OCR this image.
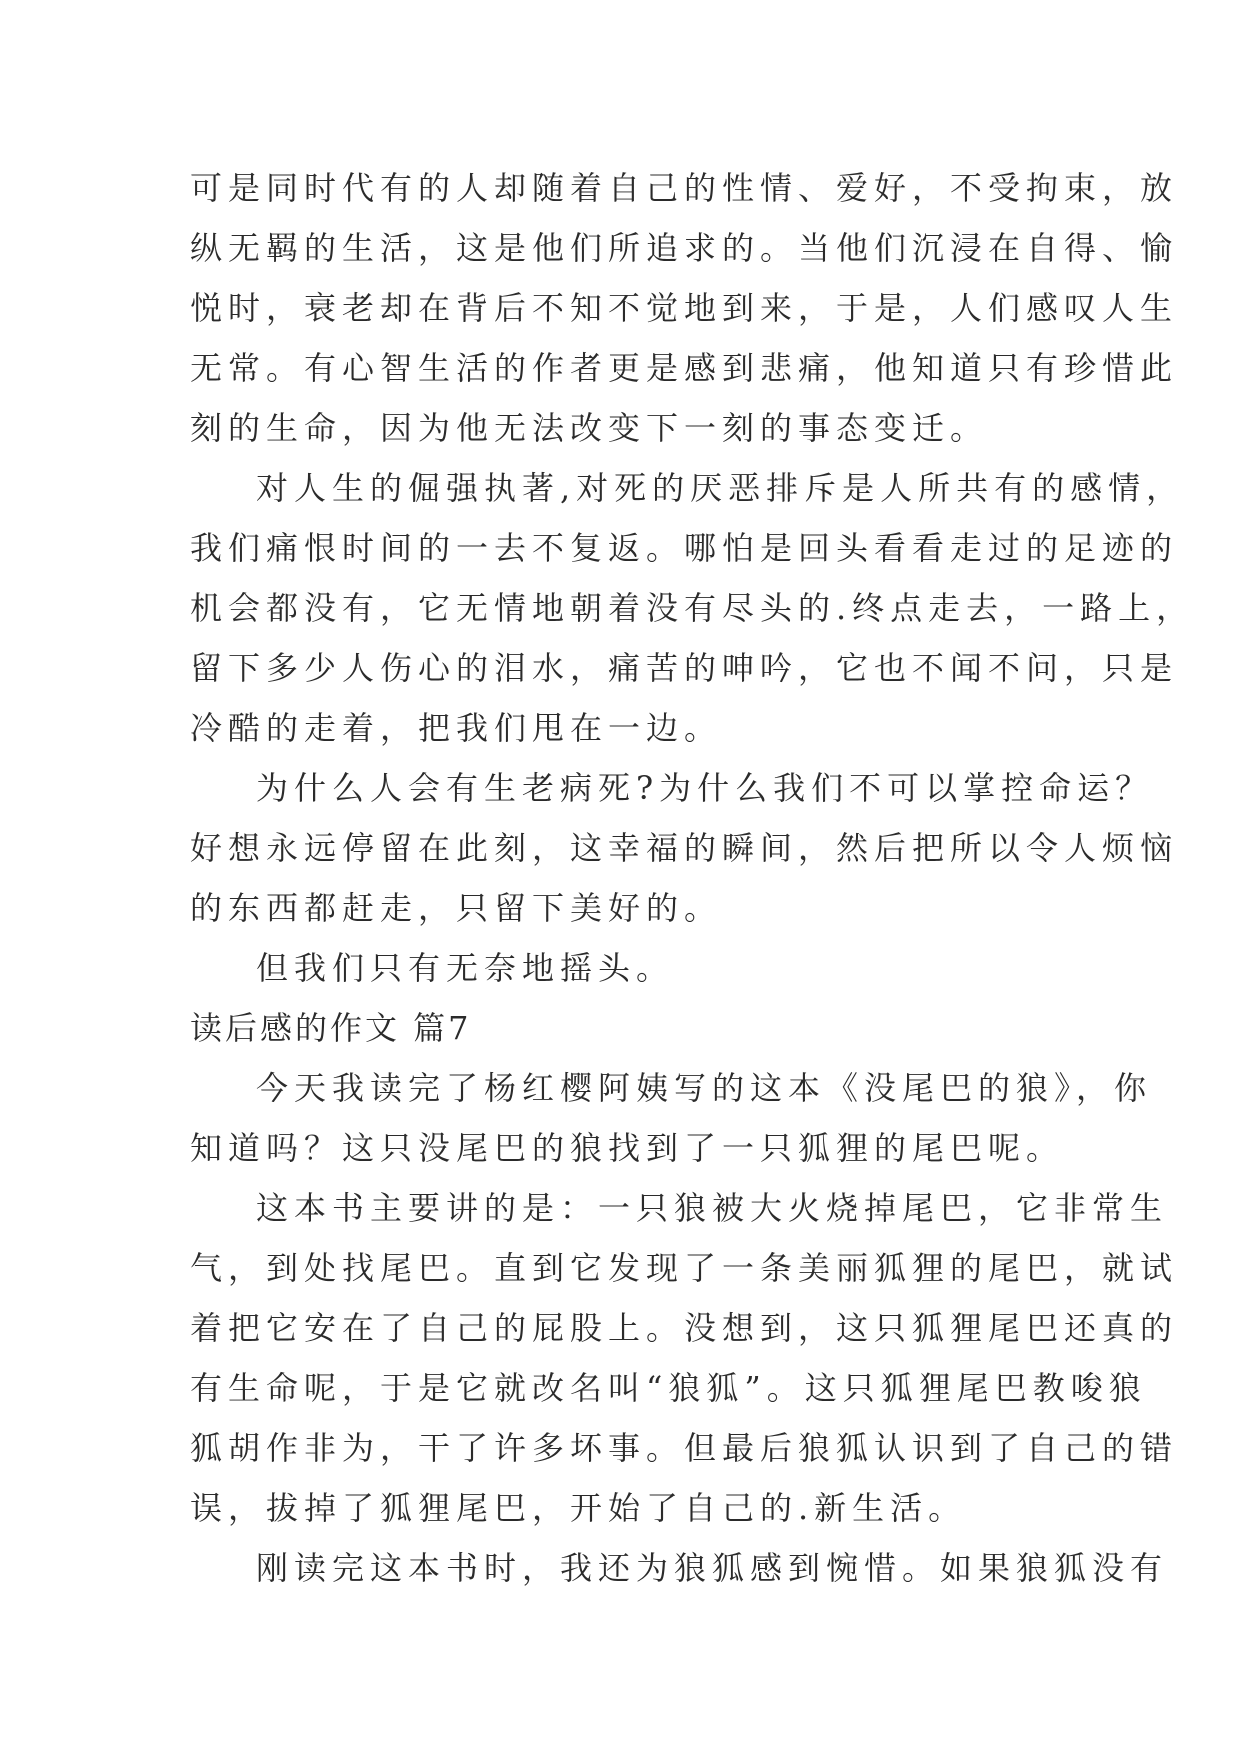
可是同时代有的人却随着自己的性情、爱好，不受拘束，放
纵无羁的生活，这是他们所追求的。当他们沉浸在自得、愉
悦时，衰老却在背后不知不觉地到来，于是，人们感叹人生
无常。有心智生活的作者更是感到悲痛，他知道只有珍惜此
刻的生命，因为他无法改变下一刻的事态变迁。
对人生的倔强执著,对死的厌恶排斥是人所共有的感情，
我们痛恨时间的一去不复返。哪怕是回头看看走过的足迹的
机会都没有，它无情地朝着没有尽头的.终点走去，一路上，
留下多少人伤心的泪水，痛苦的呻吟，它也不闻不问，只是
冷酷的走着，把我们甩在一边。
为什么人会有生老病死?为什么我们不可以掌控命运？
好想永远停留在此刻，这幸福的瞬间，然后把所以令人烦恼
的东西都赶走，只留下美好的。
但我们只有无奈地摇头。
读后感的作文 篇7
今天我读完了杨红樱阿姨写的这本《没尾巴的狼》，你
知道吗？这只没尾巴的狼找到了一只狐狸的尾巴呢。
这本书主要讲的是：一只狼被大火烧掉尾巴，它非常生
气，到处找尾巴。直到它发现了一条美丽狐狸的尾巴，就试
着把它安在了自己的屁股上。没想到，这只狐狸尾巴还真的
有生命呢，于是它就改名叫“狼狐”。这只狐狸尾巴教唆狼
狐胡作非为，干了许多坏事。但最后狼狐认识到了自己的错
误，拔掉了狐狸尾巴，开始了自己的.新生活。
刚读完这本书时，我还为狼狐感到惋惜。如果狼狐没有
